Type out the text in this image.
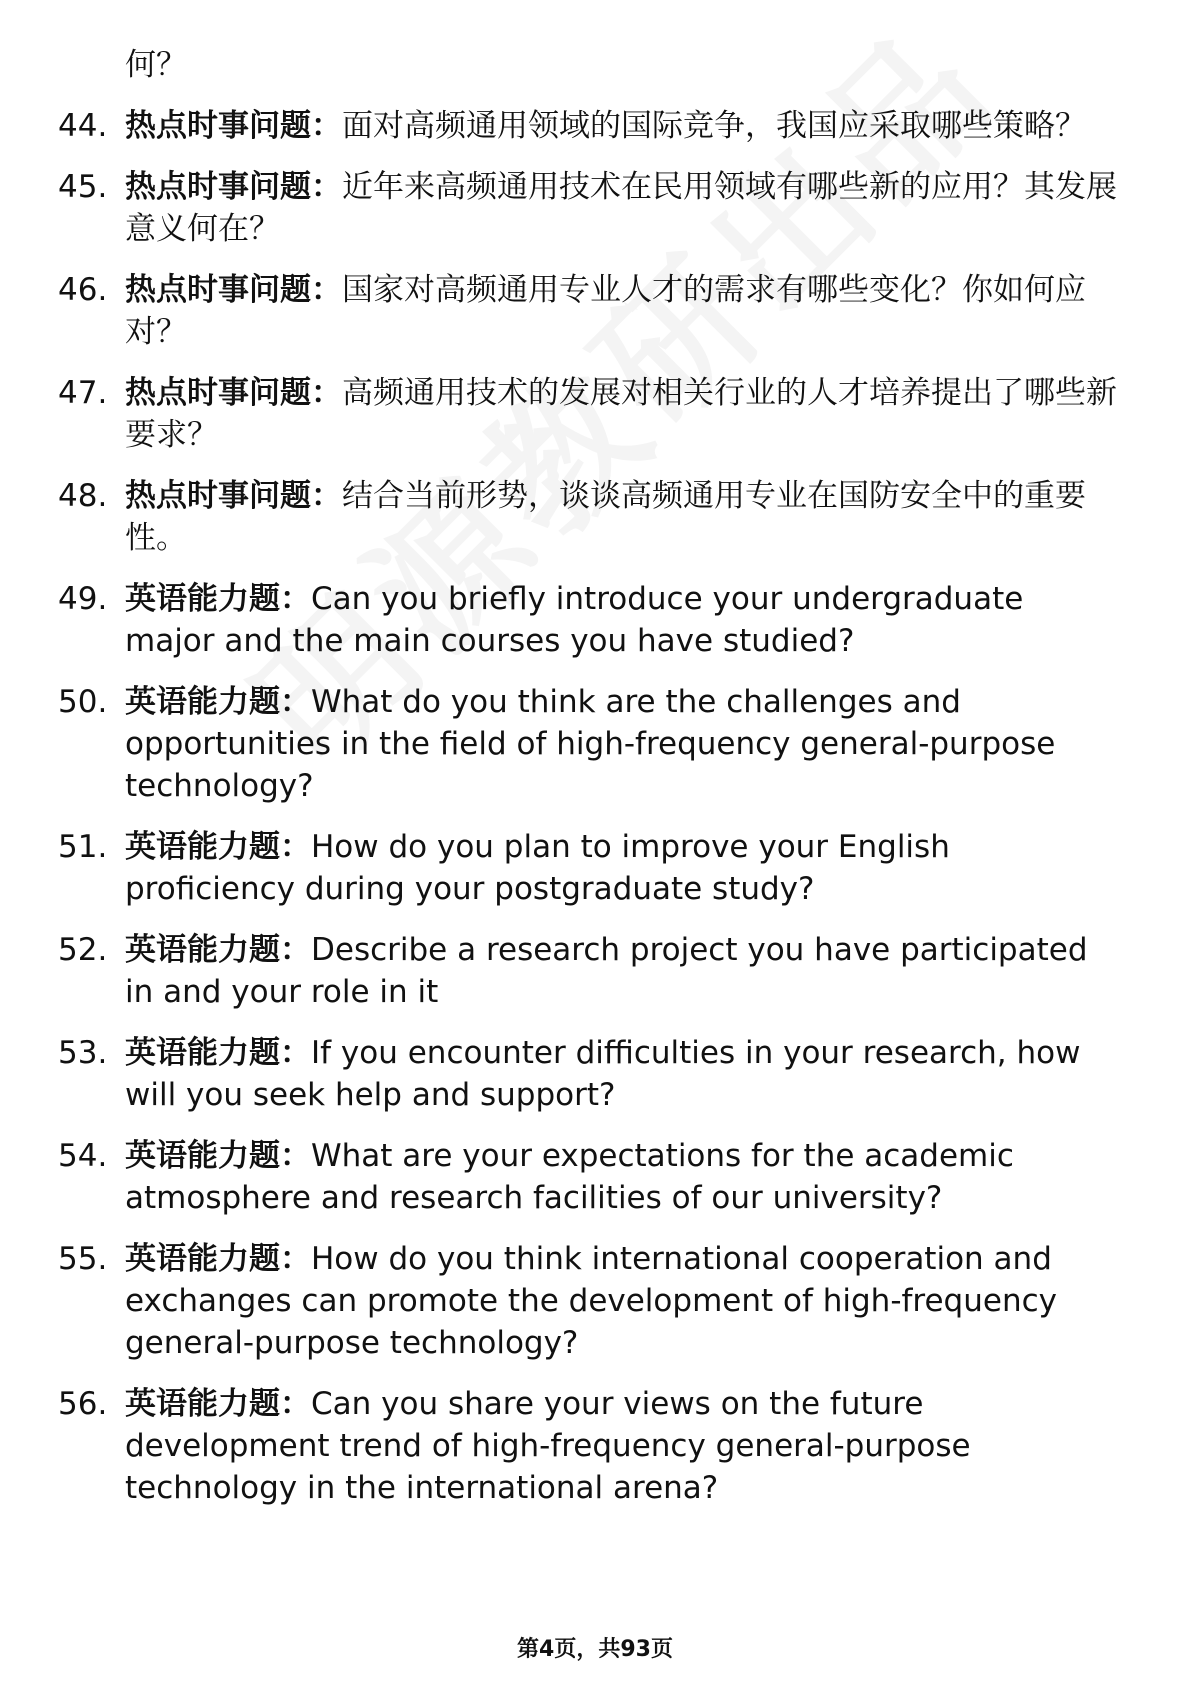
何？
44. 热点时事问题：面对高频通用领域的国际竞争，我国应采取哪些策略？
45. 热点时事问题：近年来高频通用技术在民用领域有哪些新的应用？其发展意义何在？
46. 热点时事问题：国家对高频通用专业人才的需求有哪些变化？你如何应对？
47. 热点时事问题：高频通用技术的发展对相关行业的人才培养提出了哪些新要求？
48. 热点时事问题：结合当前形势，谈谈高频通用专业在国防安全中的重要性。
49. 英语能力题：Can you briefly introduce your undergraduate major and the main courses you have studied?
50. 英语能力题：What do you think are the challenges and opportunities in the field of high-frequency general-purpose technology?
51. 英语能力题：How do you plan to improve your English proficiency during your postgraduate study?
52. 英语能力题：Describe a research project you have participated in and your role in it
53. 英语能力题：If you encounter difficulties in your research, how will you seek help and support?
54. 英语能力题：What are your expectations for the academic atmosphere and research facilities of our university?
55. 英语能力题：How do you think international cooperation and exchanges can promote the development of high-frequency general-purpose technology?
56. 英语能力题：Can you share your views on the future development trend of high-frequency general-purpose technology in the international arena?
第4页，共93页
